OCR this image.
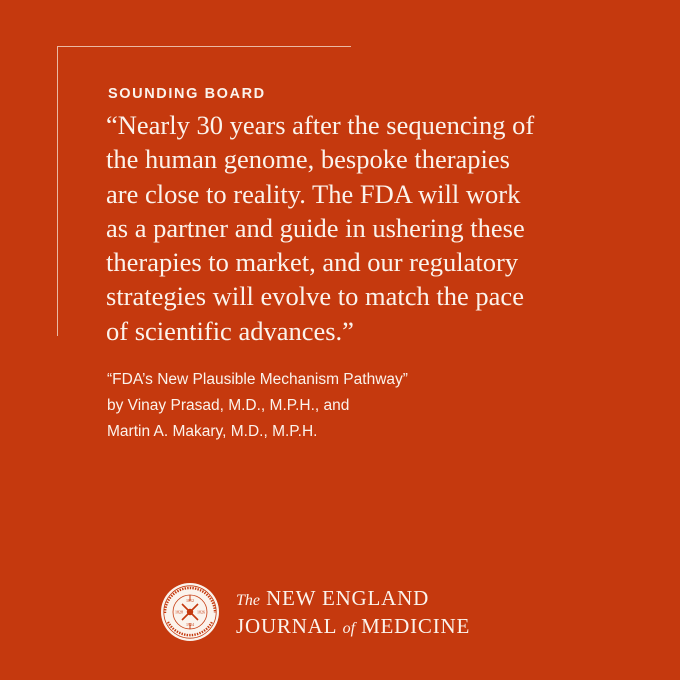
SOUNDING BOARD

“Nearly 30 years after the sequencing of
the human genome, bespoke therapies
are close to reality. The FDA will work
as a partner and guide in ushering these
therapies to market, and our regulatory
strategies will evolve to match the pace
of scientific advances.”

“FDA’s New Plausible Mechanism Pathway”
by Vinay Prasad, M.D., M.P.H., and
Martin A. Makary, M.D., M.P.H.
1812
1828	1826
1924
The NEW ENGLAND
JOURNAL of MEDICINE
